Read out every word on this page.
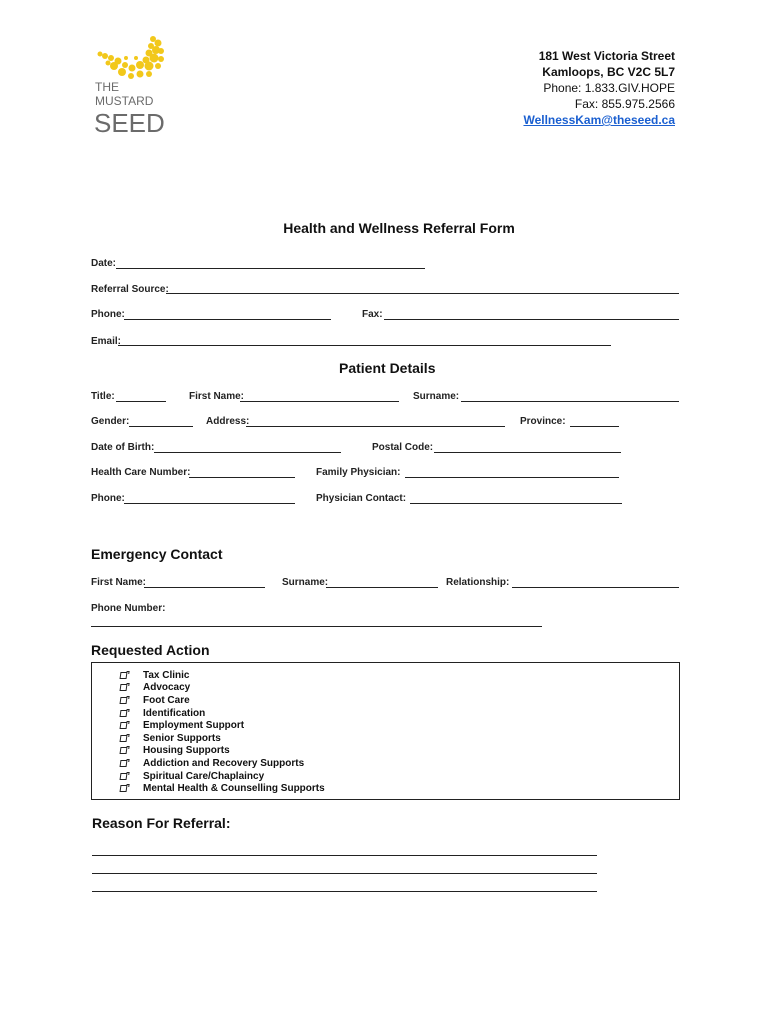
THE
MUSTARD
SEED
181 West Victoria Street
Kamloops, BC V2C 5L7
Phone: 1.833.GIV.HOPE
Fax: 855.975.2566
WellnessKam@theseed.ca
Health and Wellness Referral Form
Date:
Referral Source:
Phone:	Fax:
Email:
Patient Details
Title:	First Name:	Surname:
Gender:	Address:	Province:
Date of Birth:	Postal Code:
Health Care Number:	Family Physician:
Phone:	Physician Contact:
Emergency Contact
First Name:	Surname:	Relationship:
Phone Number:
Requested Action
Tax Clinic
Advocacy
Foot Care
Identification
Employment Support
Senior Supports
Housing Supports
Addiction and Recovery Supports
Spiritual Care/Chaplaincy
Mental Health & Counselling Supports
Reason For Referral:
